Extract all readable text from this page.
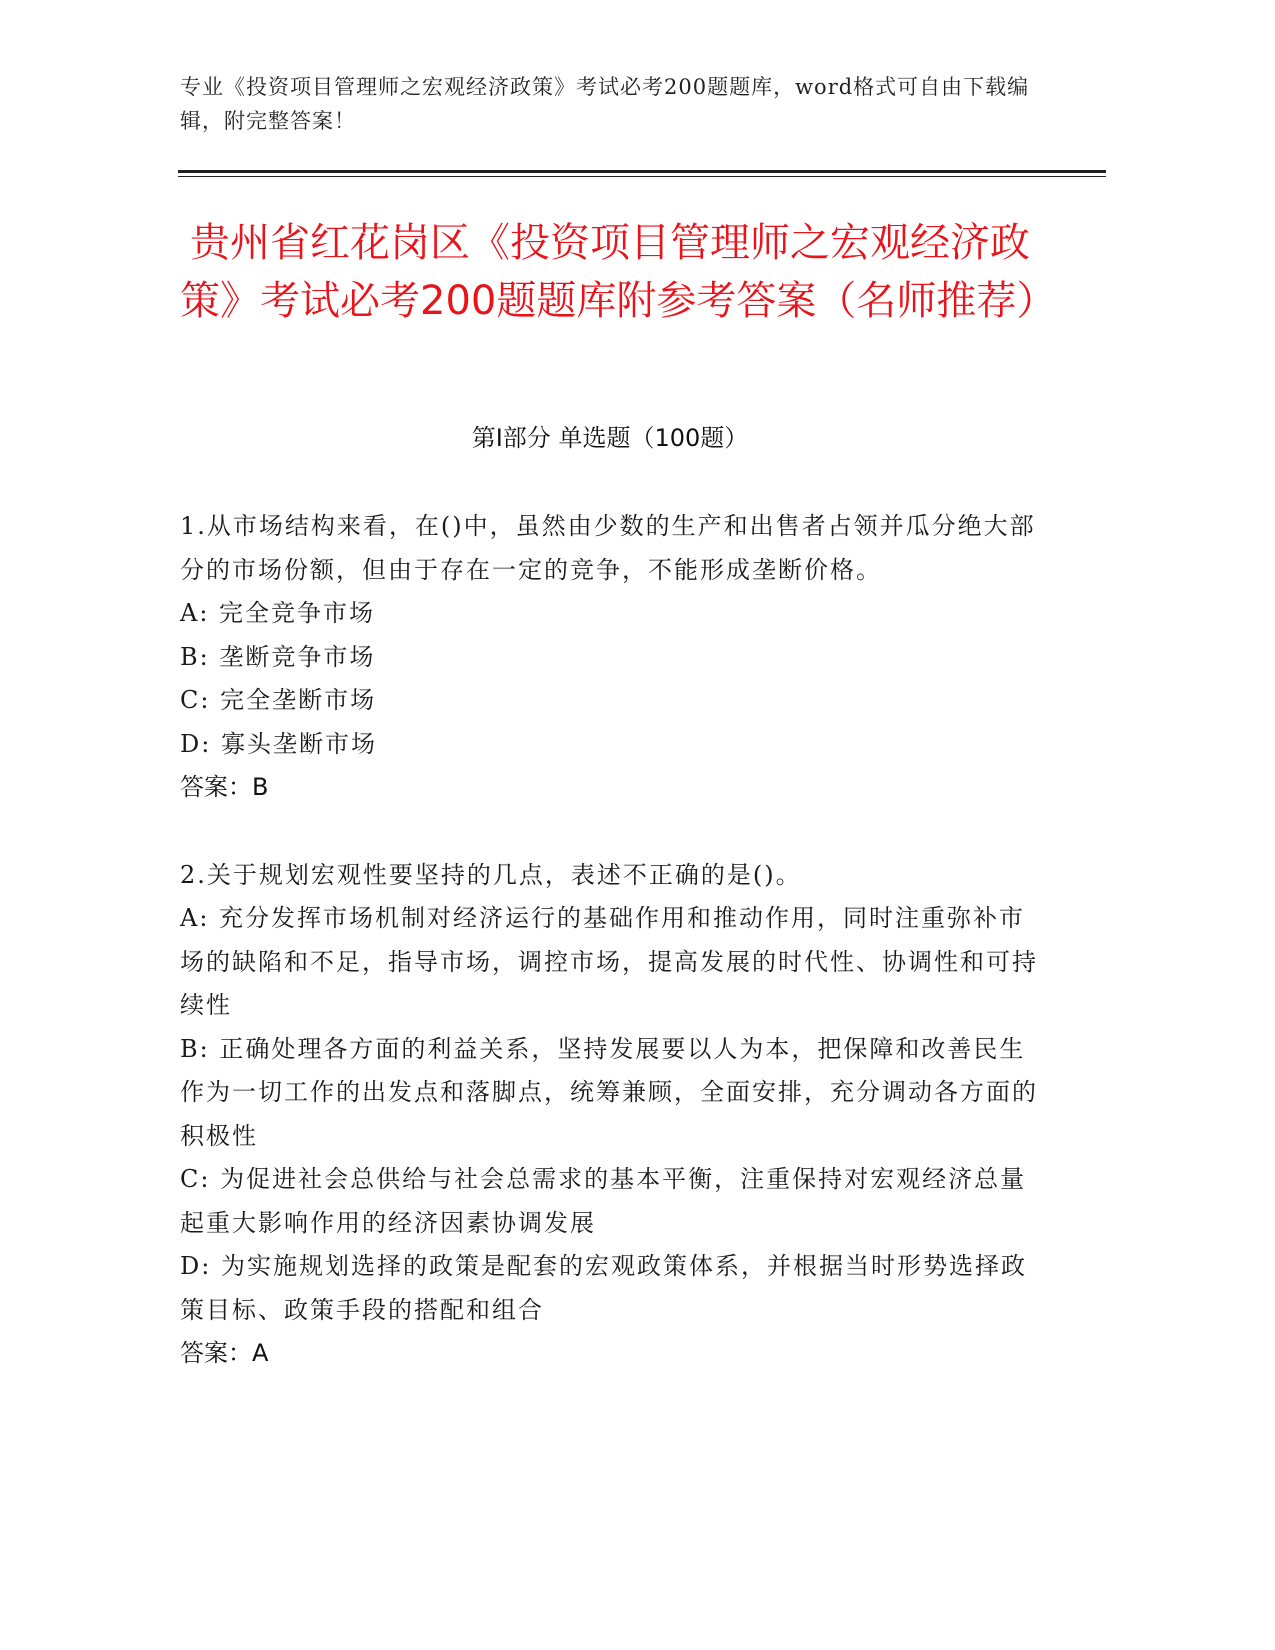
专业《投资项目管理师之宏观经济政策》考试必考200题题库，word格式可自由下载编辑，附完整答案！
贵州省红花岗区《投资项目管理师之宏观经济政策》考试必考200题题库附参考答案（名师推荐）
第I部分 单选题（100题）
1.从市场结构来看，在()中，虽然由少数的生产和出售者占领并瓜分绝大部分的市场份额，但由于存在一定的竞争，不能形成垄断价格。
A: 完全竞争市场
B: 垄断竞争市场
C: 完全垄断市场
D: 寡头垄断市场
答案：B
2.关于规划宏观性要坚持的几点，表述不正确的是()。
A: 充分发挥市场机制对经济运行的基础作用和推动作用，同时注重弥补市场的缺陷和不足，指导市场，调控市场，提高发展的时代性、协调性和可持续性
B: 正确处理各方面的利益关系，坚持发展要以人为本，把保障和改善民生作为一切工作的出发点和落脚点，统筹兼顾，全面安排，充分调动各方面的积极性
C: 为促进社会总供给与社会总需求的基本平衡，注重保持对宏观经济总量起重大影响作用的经济因素协调发展
D: 为实施规划选择的政策是配套的宏观政策体系，并根据当时形势选择政策目标、政策手段的搭配和组合
答案：A
